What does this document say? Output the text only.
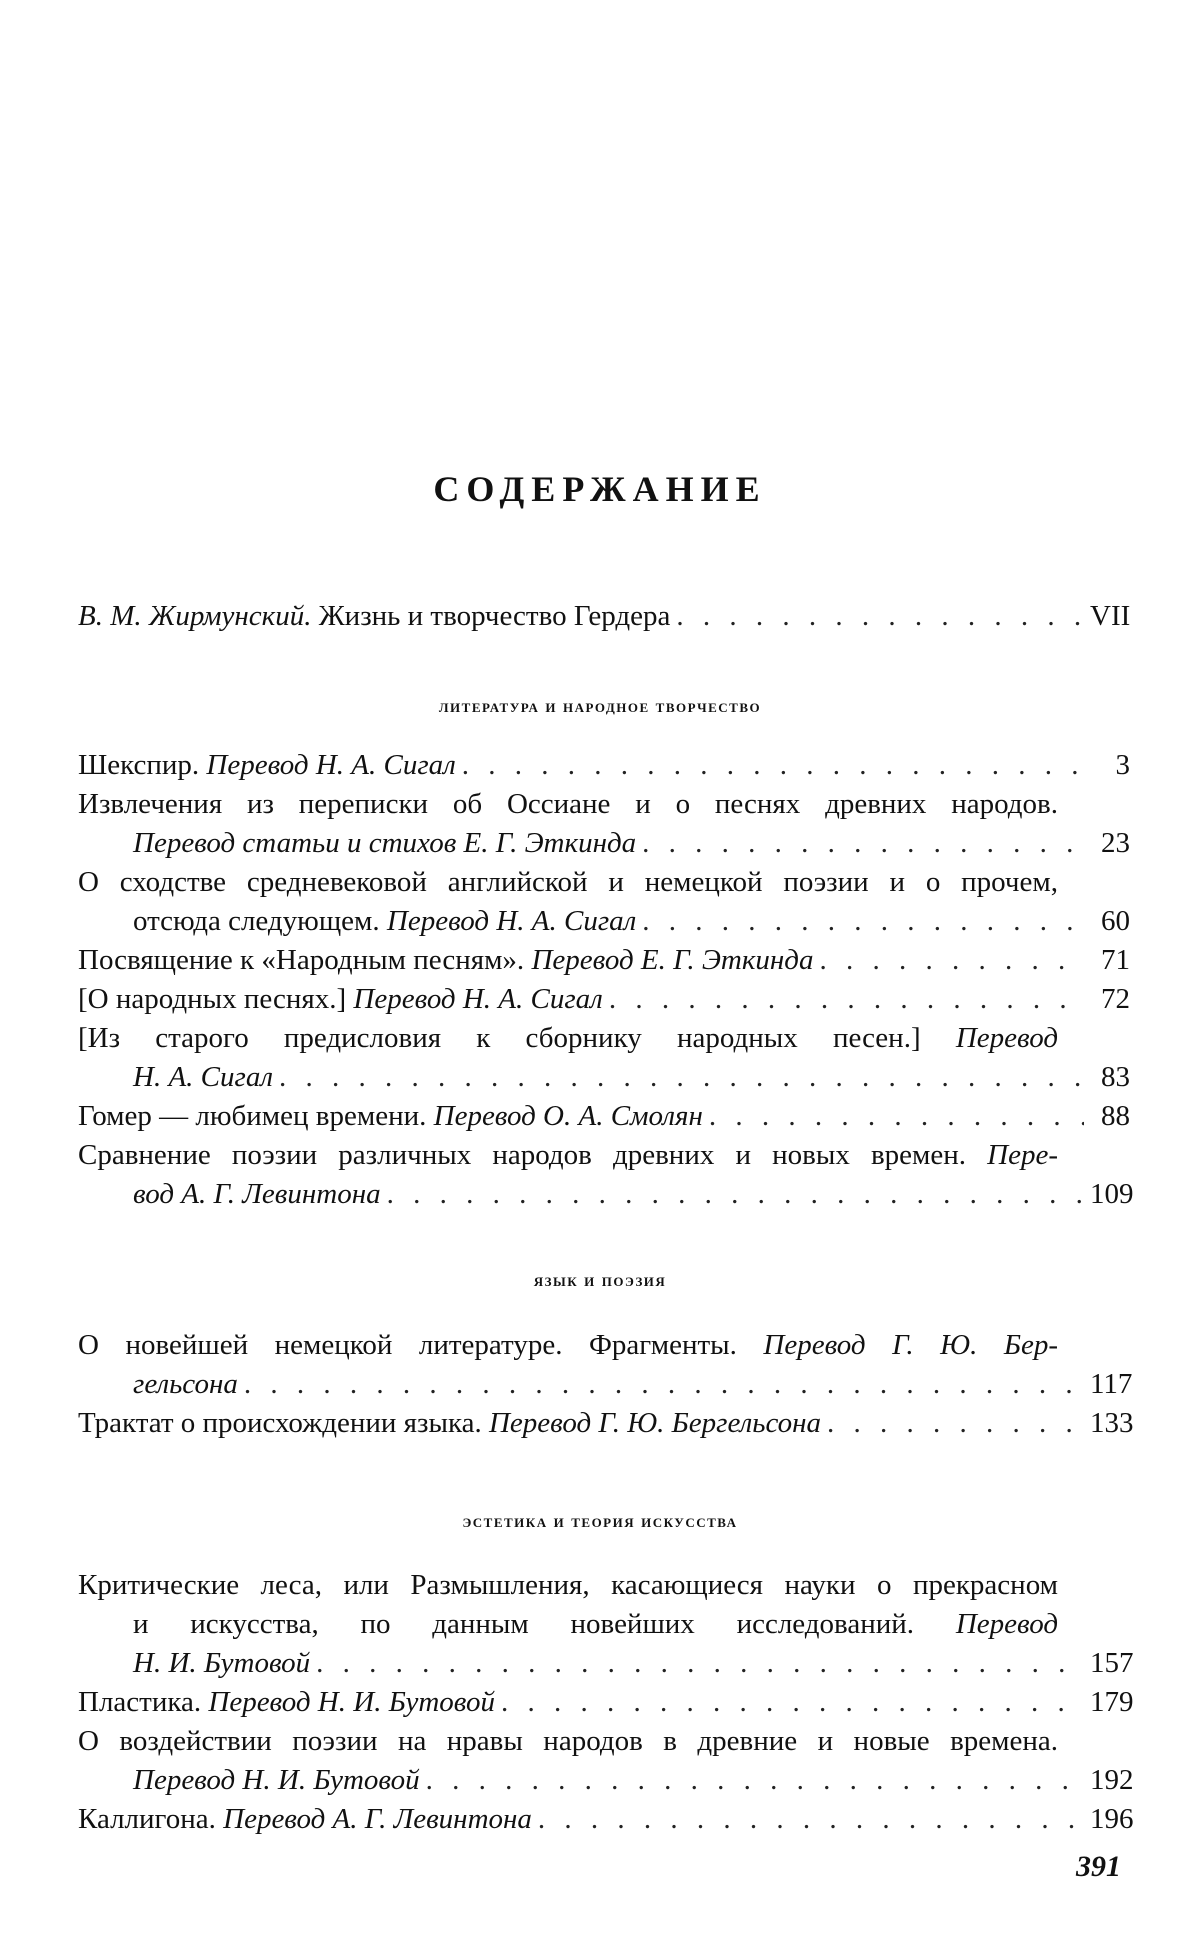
СОДЕРЖАНИЕ
В. М. Жирмунский. Жизнь и творчество Гердера . . .	VII
литература и народное творчество
Шекспир. Перевод Н. А. Сигал . . .	3
Извлечения из переписки об Оссиане и о песнях древних народов.
Перевод статьи и стихов Е. Г. Эткинда . . .	23
О сходстве средневековой английской и немецкой поэзии и о прочем,
отсюда следующем. Перевод Н. А. Сигал . . .	60
Посвящение к «Народным песням». Перевод Е. Г. Эткинда . . .	71
[О народных песнях.] Перевод Н. А. Сигал . . .	72
[Из старого предисловия к сборнику народных песен.] Перевод
Н. А. Сигал . . .	83
Гомер — любимец времени. Перевод О. А. Смолян . . .	88
Сравнение поэзии различных народов древних и новых времен. Пере-
вод А. Г. Левинтона . . .	109
язык и поэзия
О новейшей немецкой литературе. Фрагменты. Перевод Г. Ю. Бер-
гельсона . . .	117
Трактат о происхождении языка. Перевод Г. Ю. Бергельсона . . .	133
эстетика и теория искусства
Критические леса, или Размышления, касающиеся науки о прекрасном
и искусства, по данным новейших исследований. Перевод
Н. И. Бутовой . . .	157
Пластика. Перевод Н. И. Бутовой . . .	179
О воздействии поэзии на нравы народов в древние и новые времена.
Перевод Н. И. Бутовой . . .	192
Каллигона. Перевод А. Г. Левинтона . . .	196
391
